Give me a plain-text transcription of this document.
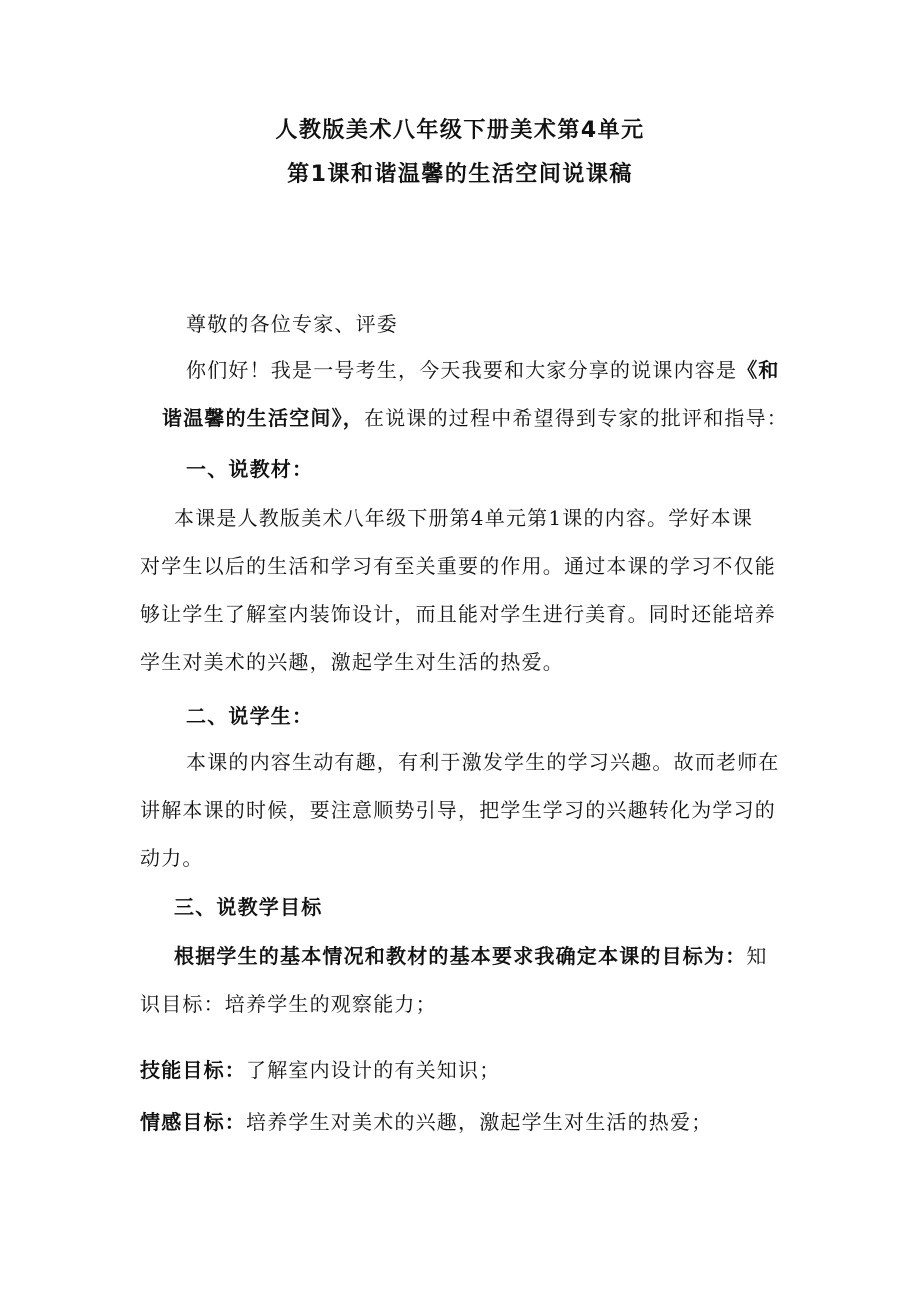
人教版美术八年级下册美术第4单元
第1课和谐温馨的生活空间说课稿
尊敬的各位专家、评委
你们好！我是一号考生，今天我要和大家分享的说课内容是《和
谐温馨的生活空间》，在说课的过程中希望得到专家的批评和指导：
一、说教材：
本课是人教版美术八年级下册第4单元第1课的内容。学好本课
对学生以后的生活和学习有至关重要的作用。通过本课的学习不仅能
够让学生了解室内装饰设计，而且能对学生进行美育。同时还能培养
学生对美术的兴趣，激起学生对生活的热爱。
二、说学生：
本课的内容生动有趣，有利于激发学生的学习兴趣。故而老师在
讲解本课的时候，要注意顺势引导，把学生学习的兴趣转化为学习的
动力。
三、说教学目标
根据学生的基本情况和教材的基本要求我确定本课的目标为：知
识目标：培养学生的观察能力；
技能目标：了解室内设计的有关知识；
情感目标：培养学生对美术的兴趣，激起学生对生活的热爱；
